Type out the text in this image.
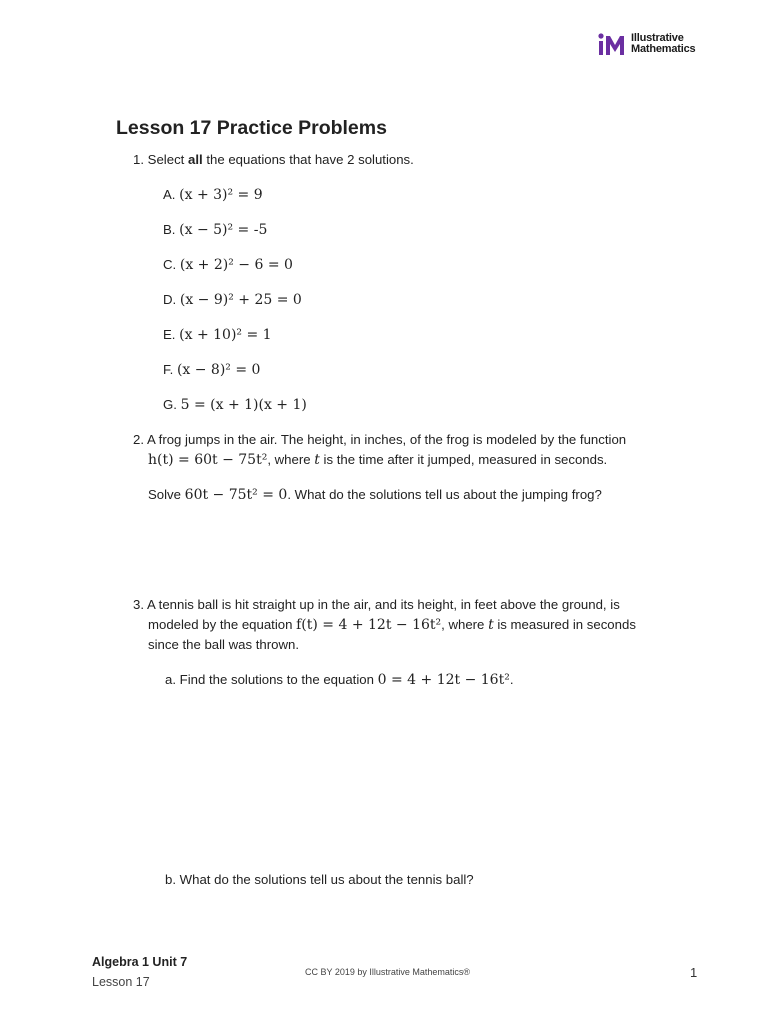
Illustrative
Mathematics
Lesson 17 Practice Problems
1. Select all the equations that have 2 solutions.
A. (x + 3)² = 9
B. (x − 5)² = -5
C. (x + 2)² − 6 = 0
D. (x − 9)² + 25 = 0
E. (x + 10)² = 1
F. (x − 8)² = 0
G. 5 = (x + 1)(x + 1)
2. A frog jumps in the air. The height, in inches, of the frog is modeled by the function
h(t) = 60t − 75t², where t is the time after it jumped, measured in seconds.
Solve 60t − 75t² = 0. What do the solutions tell us about the jumping frog?
3. A tennis ball is hit straight up in the air, and its height, in feet above the ground, is
modeled by the equation f(t) = 4 + 12t − 16t², where t is measured in seconds
since the ball was thrown.
a. Find the solutions to the equation 0 = 4 + 12t − 16t².
b. What do the solutions tell us about the tennis ball?
Algebra 1 Unit 7
Lesson 17
CC BY 2019 by Illustrative Mathematics®	1
